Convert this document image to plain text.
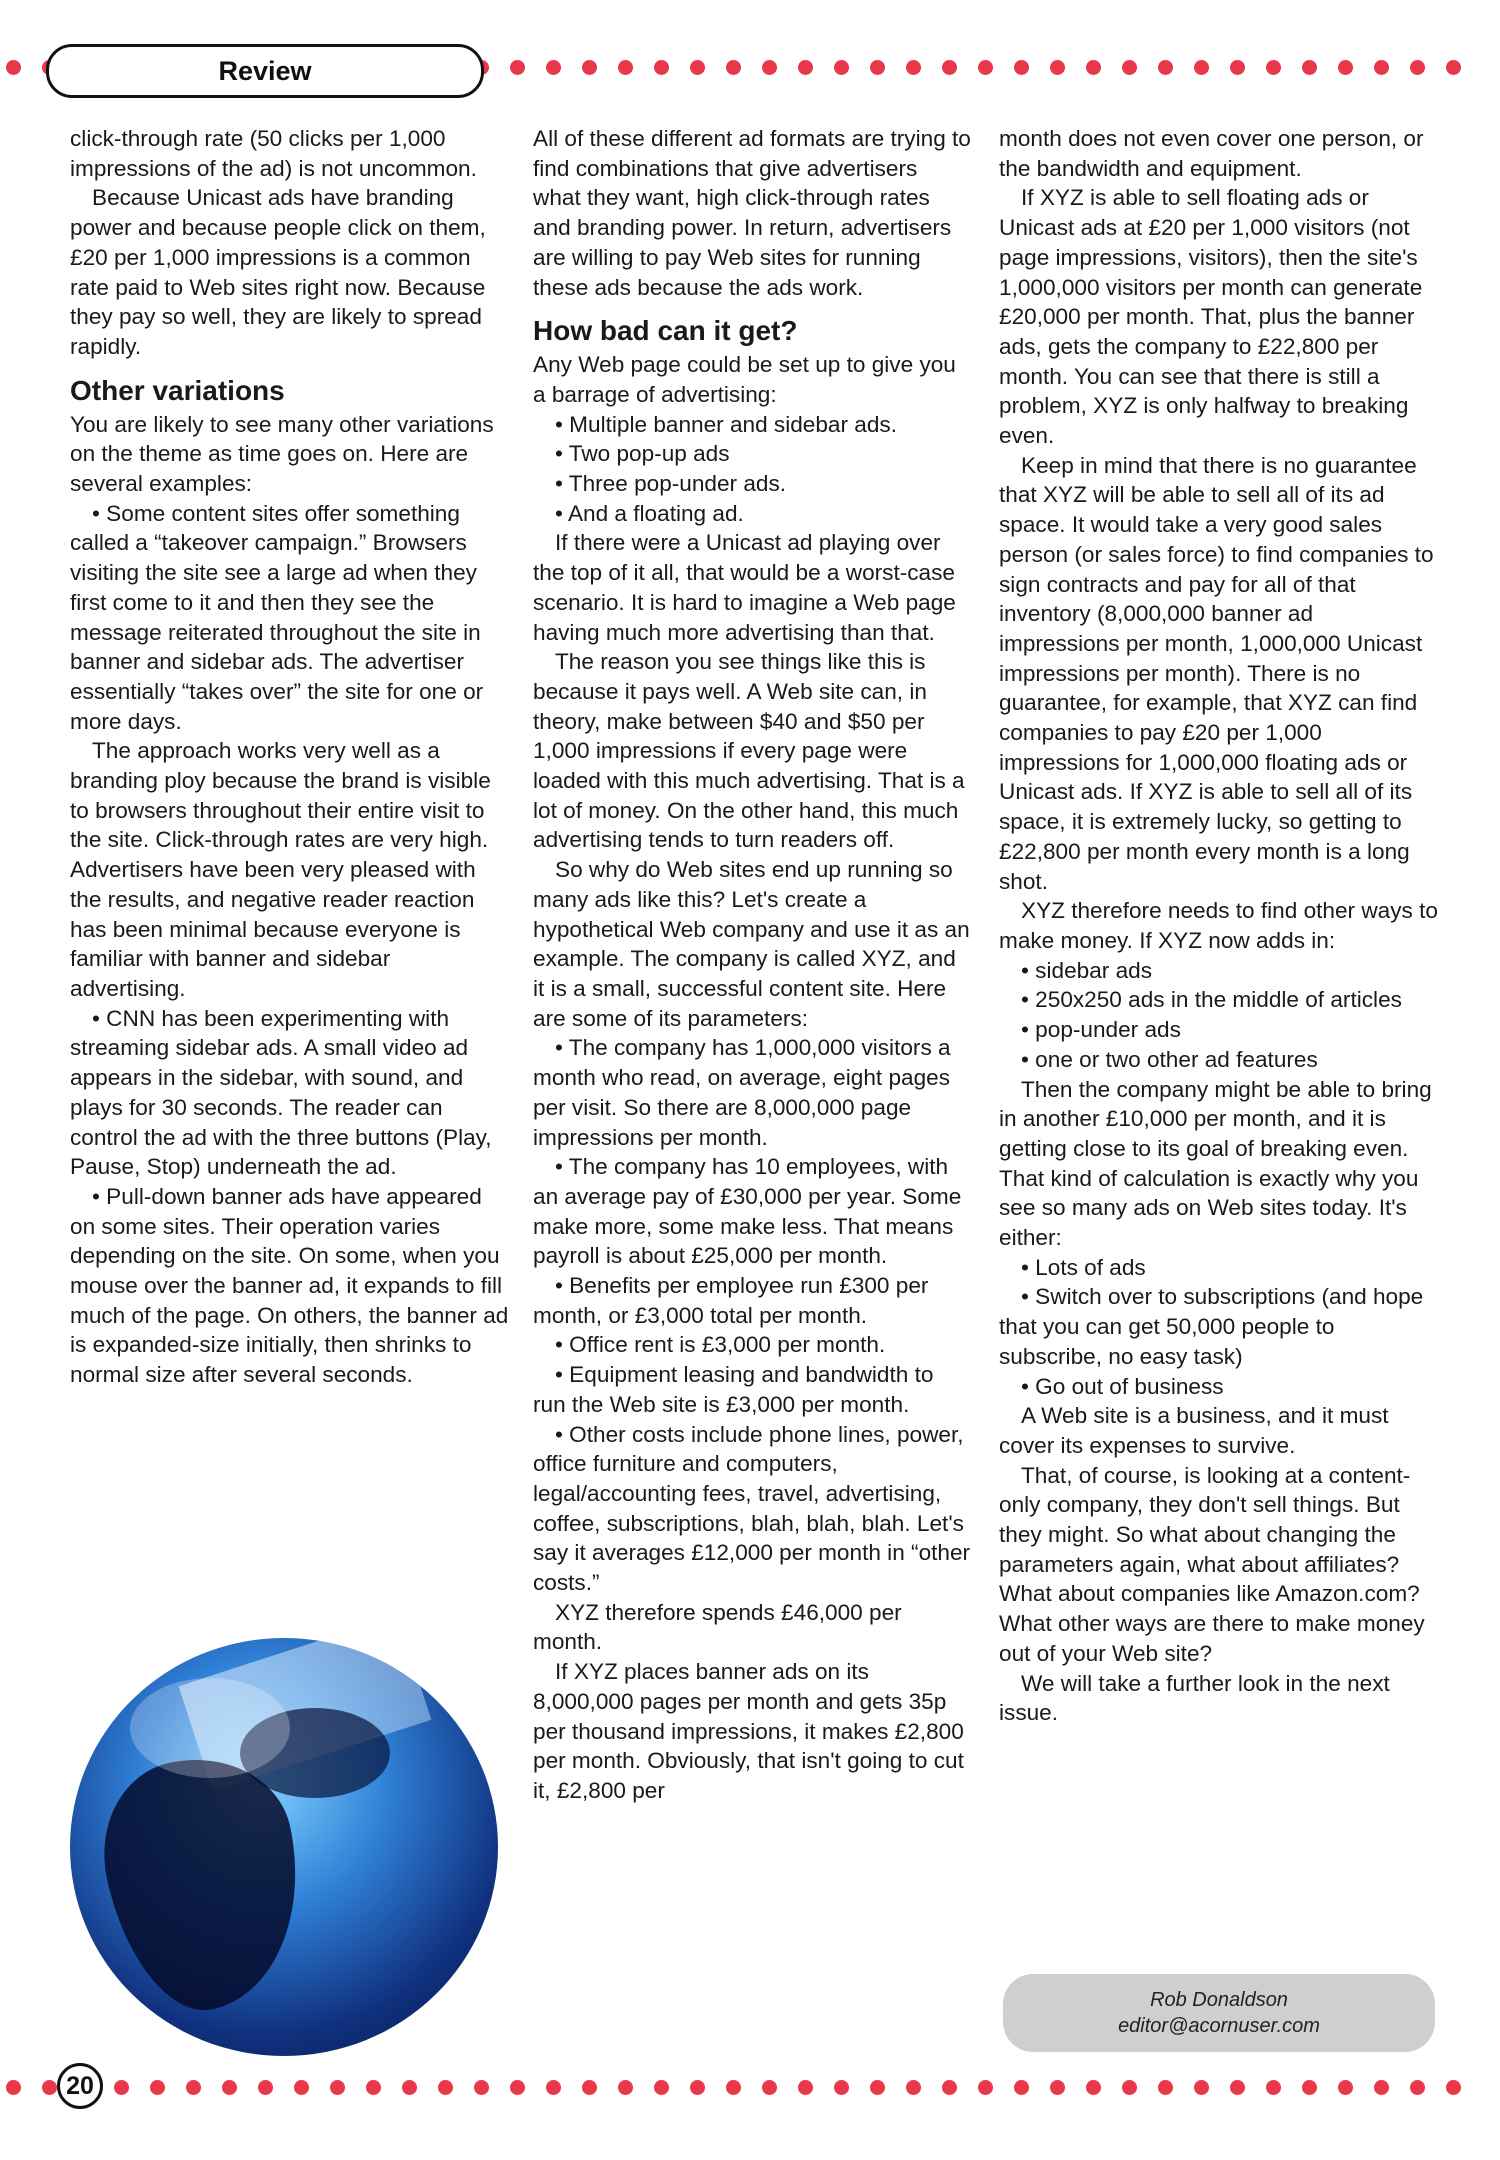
Review

click-through rate (50 clicks per 1,000 impressions of the ad) is not uncommon.

Because Unicast ads have branding power and because people click on them, £20 per 1,000 impressions is a common rate paid to Web sites right now. Because they pay so well, they are likely to spread rapidly.

Other variations

You are likely to see many other variations on the theme as time goes on. Here are several examples:

• Some content sites offer something called a “takeover campaign.” Browsers visiting the site see a large ad when they first come to it and then they see the message reiterated throughout the site in banner and sidebar ads. The advertiser essentially “takes over” the site for one or more days.

The approach works very well as a branding ploy because the brand is visible to browsers throughout their entire visit to the site. Click-through rates are very high. Advertisers have been very pleased with the results, and negative reader reaction has been minimal because everyone is familiar with banner and sidebar advertising.

• CNN has been experimenting with streaming sidebar ads. A small video ad appears in the sidebar, with sound, and plays for 30 seconds. The reader can control the ad with the three buttons (Play, Pause, Stop) underneath the ad.

• Pull-down banner ads have appeared on some sites. Their operation varies depending on the site. On some, when you mouse over the banner ad, it expands to fill much of the page. On others, the banner ad is expanded-size initially, then shrinks to normal size after several seconds.

All of these different ad formats are trying to find combinations that give advertisers what they want, high click-through rates and branding power. In return, advertisers are willing to pay Web sites for running these ads because the ads work.

How bad can it get?

Any Web page could be set up to give you a barrage of advertising:

• Multiple banner and sidebar ads.

• Two pop-up ads

• Three pop-under ads.

• And a floating ad.

If there were a Unicast ad playing over the top of it all, that would be a worst-case scenario. It is hard to imagine a Web page having much more advertising than that.

The reason you see things like this is because it pays well. A Web site can, in theory, make between $40 and $50 per 1,000 impressions if every page were loaded with this much advertising. That is a lot of money. On the other hand, this much advertising tends to turn readers off.

So why do Web sites end up running so many ads like this? Let's create a hypothetical Web company and use it as an example. The company is called XYZ, and it is a small, successful content site. Here are some of its parameters:

• The company has 1,000,000 visitors a month who read, on average, eight pages per visit. So there are 8,000,000 page impressions per month.

• The company has 10 employees, with an average pay of £30,000 per year. Some make more, some make less. That means payroll is about £25,000 per month.

• Benefits per employee run £300 per month, or £3,000 total per month.

• Office rent is £3,000 per month.

• Equipment leasing and bandwidth to run the Web site is £3,000 per month.

• Other costs include phone lines, power, office furniture and computers, legal/accounting fees, travel, advertising, coffee, subscriptions, blah, blah, blah. Let's say it averages £12,000 per month in “other costs.”

XYZ therefore spends £46,000 per month.

If XYZ places banner ads on its 8,000,000 pages per month and gets 35p per thousand impressions, it makes £2,800 per month. Obviously, that isn't going to cut it, £2,800 per

month does not even cover one person, or the bandwidth and equipment.

If XYZ is able to sell floating ads or Unicast ads at £20 per 1,000 visitors (not page impressions, visitors), then the site's 1,000,000 visitors per month can generate £20,000 per month. That, plus the banner ads, gets the company to £22,800 per month. You can see that there is still a problem, XYZ is only halfway to breaking even.

Keep in mind that there is no guarantee that XYZ will be able to sell all of its ad space. It would take a very good sales person (or sales force) to find companies to sign contracts and pay for all of that inventory (8,000,000 banner ad impressions per month, 1,000,000 Unicast impressions per month). There is no guarantee, for example, that XYZ can find companies to pay £20 per 1,000 impressions for 1,000,000 floating ads or Unicast ads. If XYZ is able to sell all of its space, it is extremely lucky, so getting to £22,800 per month every month is a long shot.

XYZ therefore needs to find other ways to make money. If XYZ now adds in:

• sidebar ads

• 250x250 ads in the middle of articles

• pop-under ads

• one or two other ad features

Then the company might be able to bring in another £10,000 per month, and it is getting close to its goal of breaking even. That kind of calculation is exactly why you see so many ads on Web sites today. It's either:

• Lots of ads

• Switch over to subscriptions (and hope that you can get 50,000 people to subscribe, no easy task)

• Go out of business

A Web site is a business, and it must cover its expenses to survive.

That, of course, is looking at a content-only company, they don't sell things. But they might. So what about changing the parameters again, what about affiliates? What about companies like Amazon.com? What other ways are there to make money out of your Web site?

We will take a further look in the next issue.

Rob Donaldson
editor@acornuser.com
20
